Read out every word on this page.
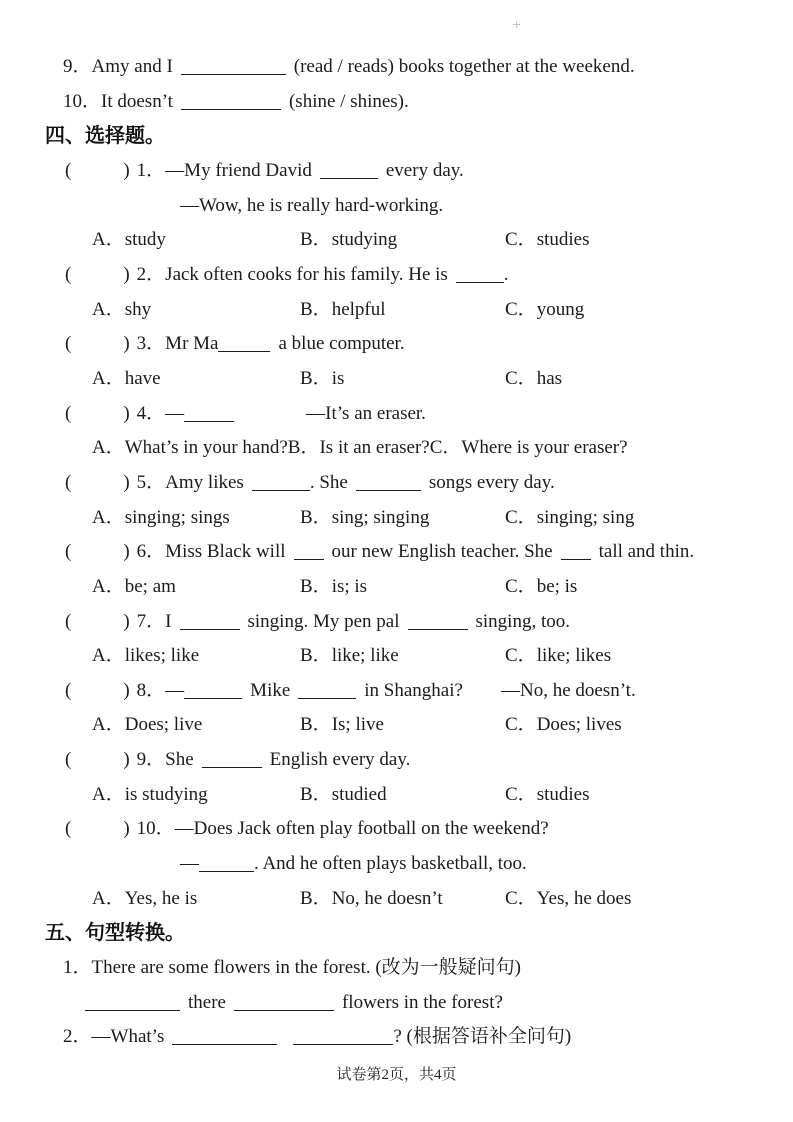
+
9．Amy and I	(read / reads) books together at the weekend.
10．It doesn’t	(shine / shines).
四、选择题。
(	) 1．—My friend David	every day.
—Wow, he is really hard-working.
A．study	B．studying	C．studies
(	) 2．Jack often cooks for his family. He is	.
A．shy	B．helpful	C．young
(	) 3．Mr Ma	a blue computer.
A．have	B．is	C．has
(	) 4．—	—It’s an eraser.
A．What’s in your hand?B．Is it an eraser?C．Where is your eraser?
(	) 5．Amy likes	. She	songs every day.
A．singing; sings	B．sing; singing	C．singing; sing
(	) 6．Miss Black will our new English teacher. She tall and thin.
A．be; am	B．is; is	C．be; is
(	) 7．I	singing. My pen pal	singing, too.
A．likes; like	B．like; like	C．like; likes
(	) 8．—	Mike	in Shanghai? —No, he doesn’t.
A．Does; live	B．Is; live	C．Does; lives
(	) 9．She	English every day.
A．is studying	B．studied	C．studies
(	) 10．—Does Jack often play football on the weekend?
—	. And he often plays basketball, too.
A．Yes, he is	B．No, he doesn’t	C．Yes, he does
五、句型转换。
1．There are some flowers in the forest. (改为一般疑问句)
there	flowers in the forest?
2．—What’s	? (根据答语补全问句)
试卷第2页，共4页
